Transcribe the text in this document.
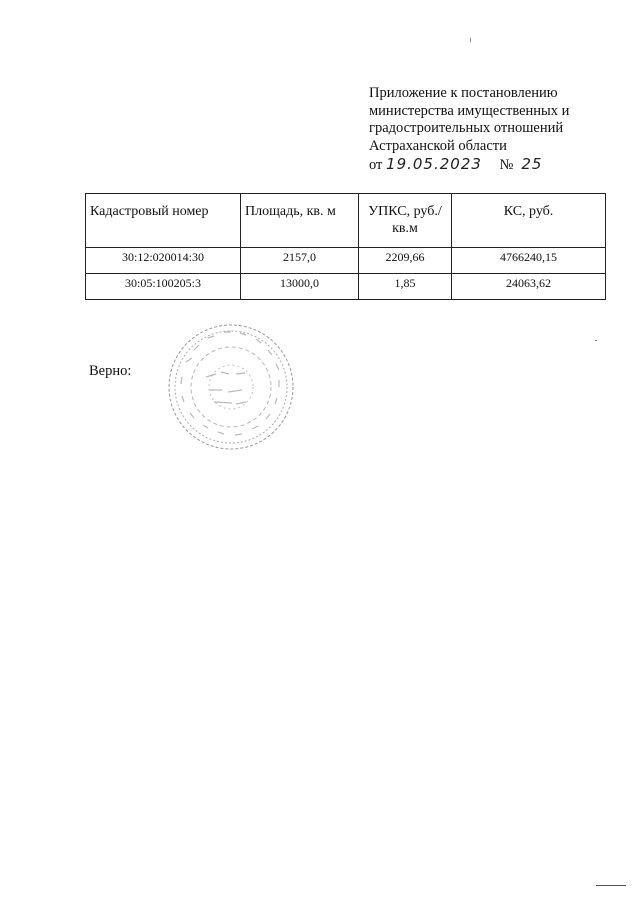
Приложение к постановлению
министерства имущественных и
градостроительных отношений
Астраханской области
от 19.05.2023 № 25
Кадастровый номер	Площадь, кв. м	УПКС, руб./кв.м	КС, руб.
30:12:020014:30	2157,0	2209,66	4766240,15
30:05:100205:3	13000,0	1,85	24063,62
Верно:
